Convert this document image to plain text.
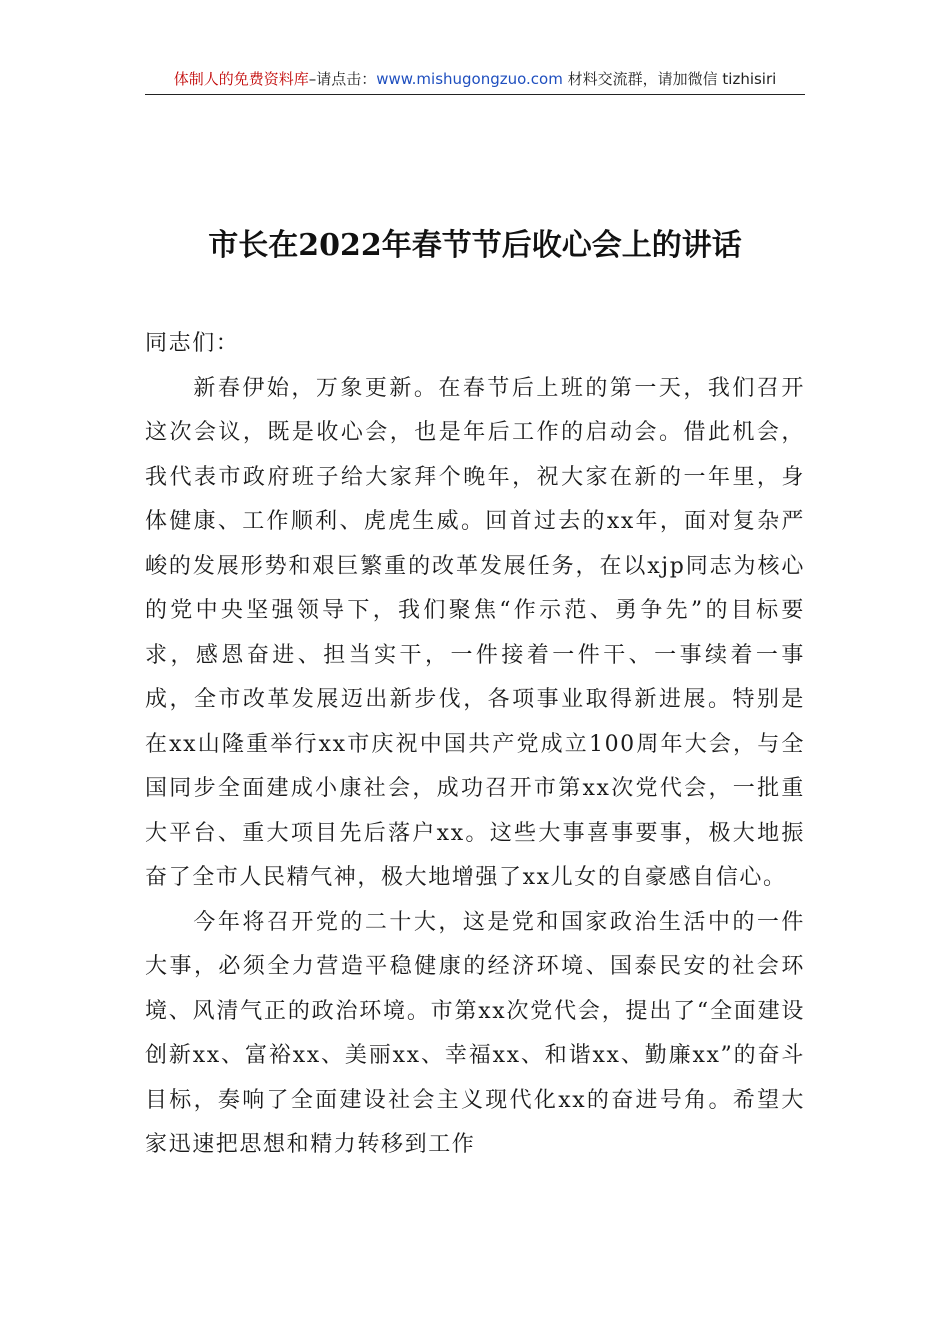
体制人的免费资料库–请点击：www.mishugongzuo.com 材料交流群，请加微信 tizhisiri
市长在2022年春节节后收心会上的讲话

同志们：

新春伊始，万象更新。在春节后上班的第一天，我们召开这次会议，既是收心会，也是年后工作的启动会。借此机会，我代表市政府班子给大家拜个晚年，祝大家在新的一年里，身体健康、工作顺利、虎虎生威。回首过去的xx年，面对复杂严峻的发展形势和艰巨繁重的改革发展任务，在以xjp同志为核心的党中央坚强领导下，我们聚焦“作示范、勇争先”的目标要求，感恩奋进、担当实干，一件接着一件干、一事续着一事成，全市改革发展迈出新步伐，各项事业取得新进展。特别是在xx山隆重举行xx市庆祝中国共产党成立100周年大会，与全国同步全面建成小康社会，成功召开市第xx次党代会，一批重大平台、重大项目先后落户xx。这些大事喜事要事，极大地振奋了全市人民精气神，极大地增强了xx儿女的自豪感自信心。

今年将召开党的二十大，这是党和国家政治生活中的一件大事，必须全力营造平稳健康的经济环境、国泰民安的社会环境、风清气正的政治环境。市第xx次党代会，提出了“全面建设创新xx、富裕xx、美丽xx、幸福xx、和谐xx、勤廉xx”的奋斗目标，奏响了全面建设社会主义现代化xx的奋进号角。希望大家迅速把思想和精力转移到工作
